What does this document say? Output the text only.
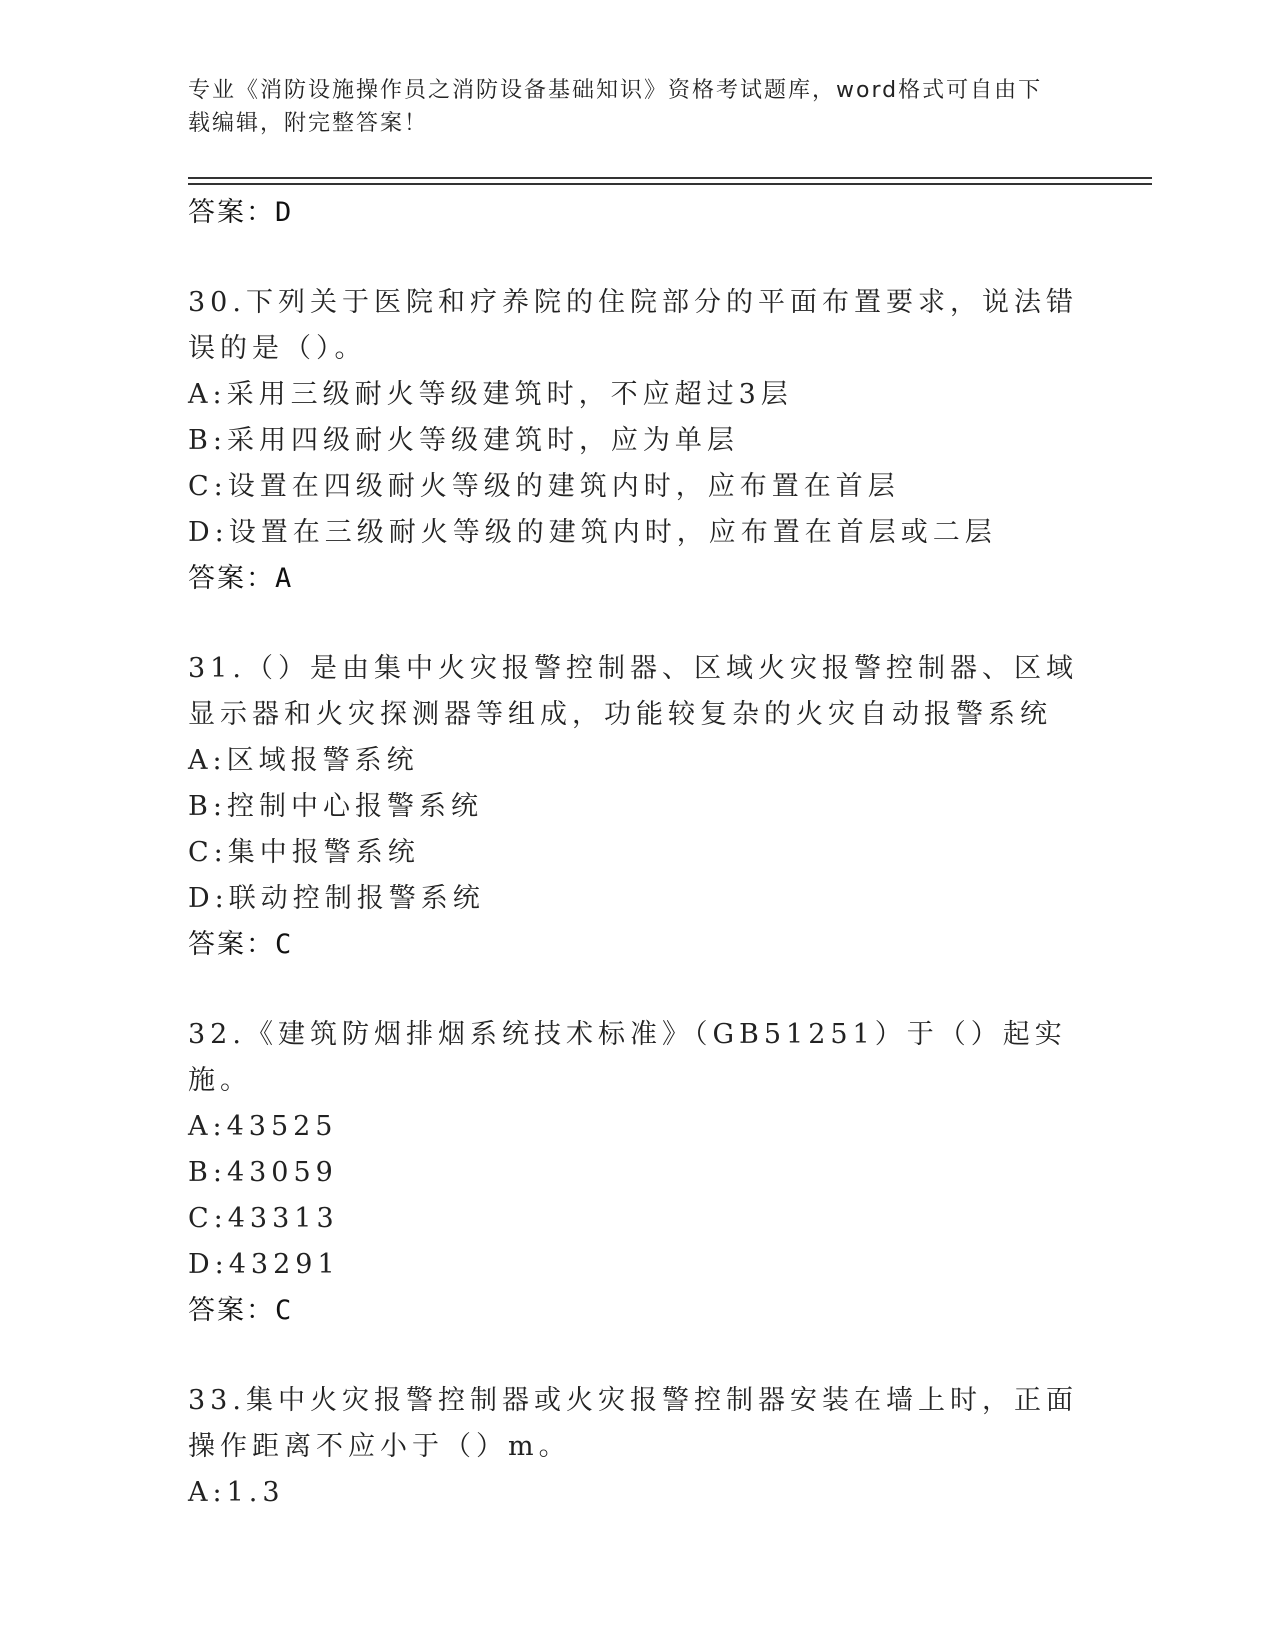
专业《消防设施操作员之消防设备基础知识》资格考试题库，word格式可自由下
载编辑，附完整答案！
答案：D
30.下列关于医院和疗养院的住院部分的平面布置要求，说法错误的是（）。
A:采用三级耐火等级建筑时，不应超过3层
B:采用四级耐火等级建筑时，应为单层
C:设置在四级耐火等级的建筑内时，应布置在首层
D:设置在三级耐火等级的建筑内时，应布置在首层或二层
答案：A
31.（）是由集中火灾报警控制器、区域火灾报警控制器、区域显示器和火灾探测器等组成，功能较复杂的火灾自动报警系统
A:区域报警系统
B:控制中心报警系统
C:集中报警系统
D:联动控制报警系统
答案：C
32.《建筑防烟排烟系统技术标准》（GB51251）于（）起实施。
A:43525
B:43059
C:43313
D:43291
答案：C
33.集中火灾报警控制器或火灾报警控制器安装在墙上时，正面操作距离不应小于（）m。
A:1.3
